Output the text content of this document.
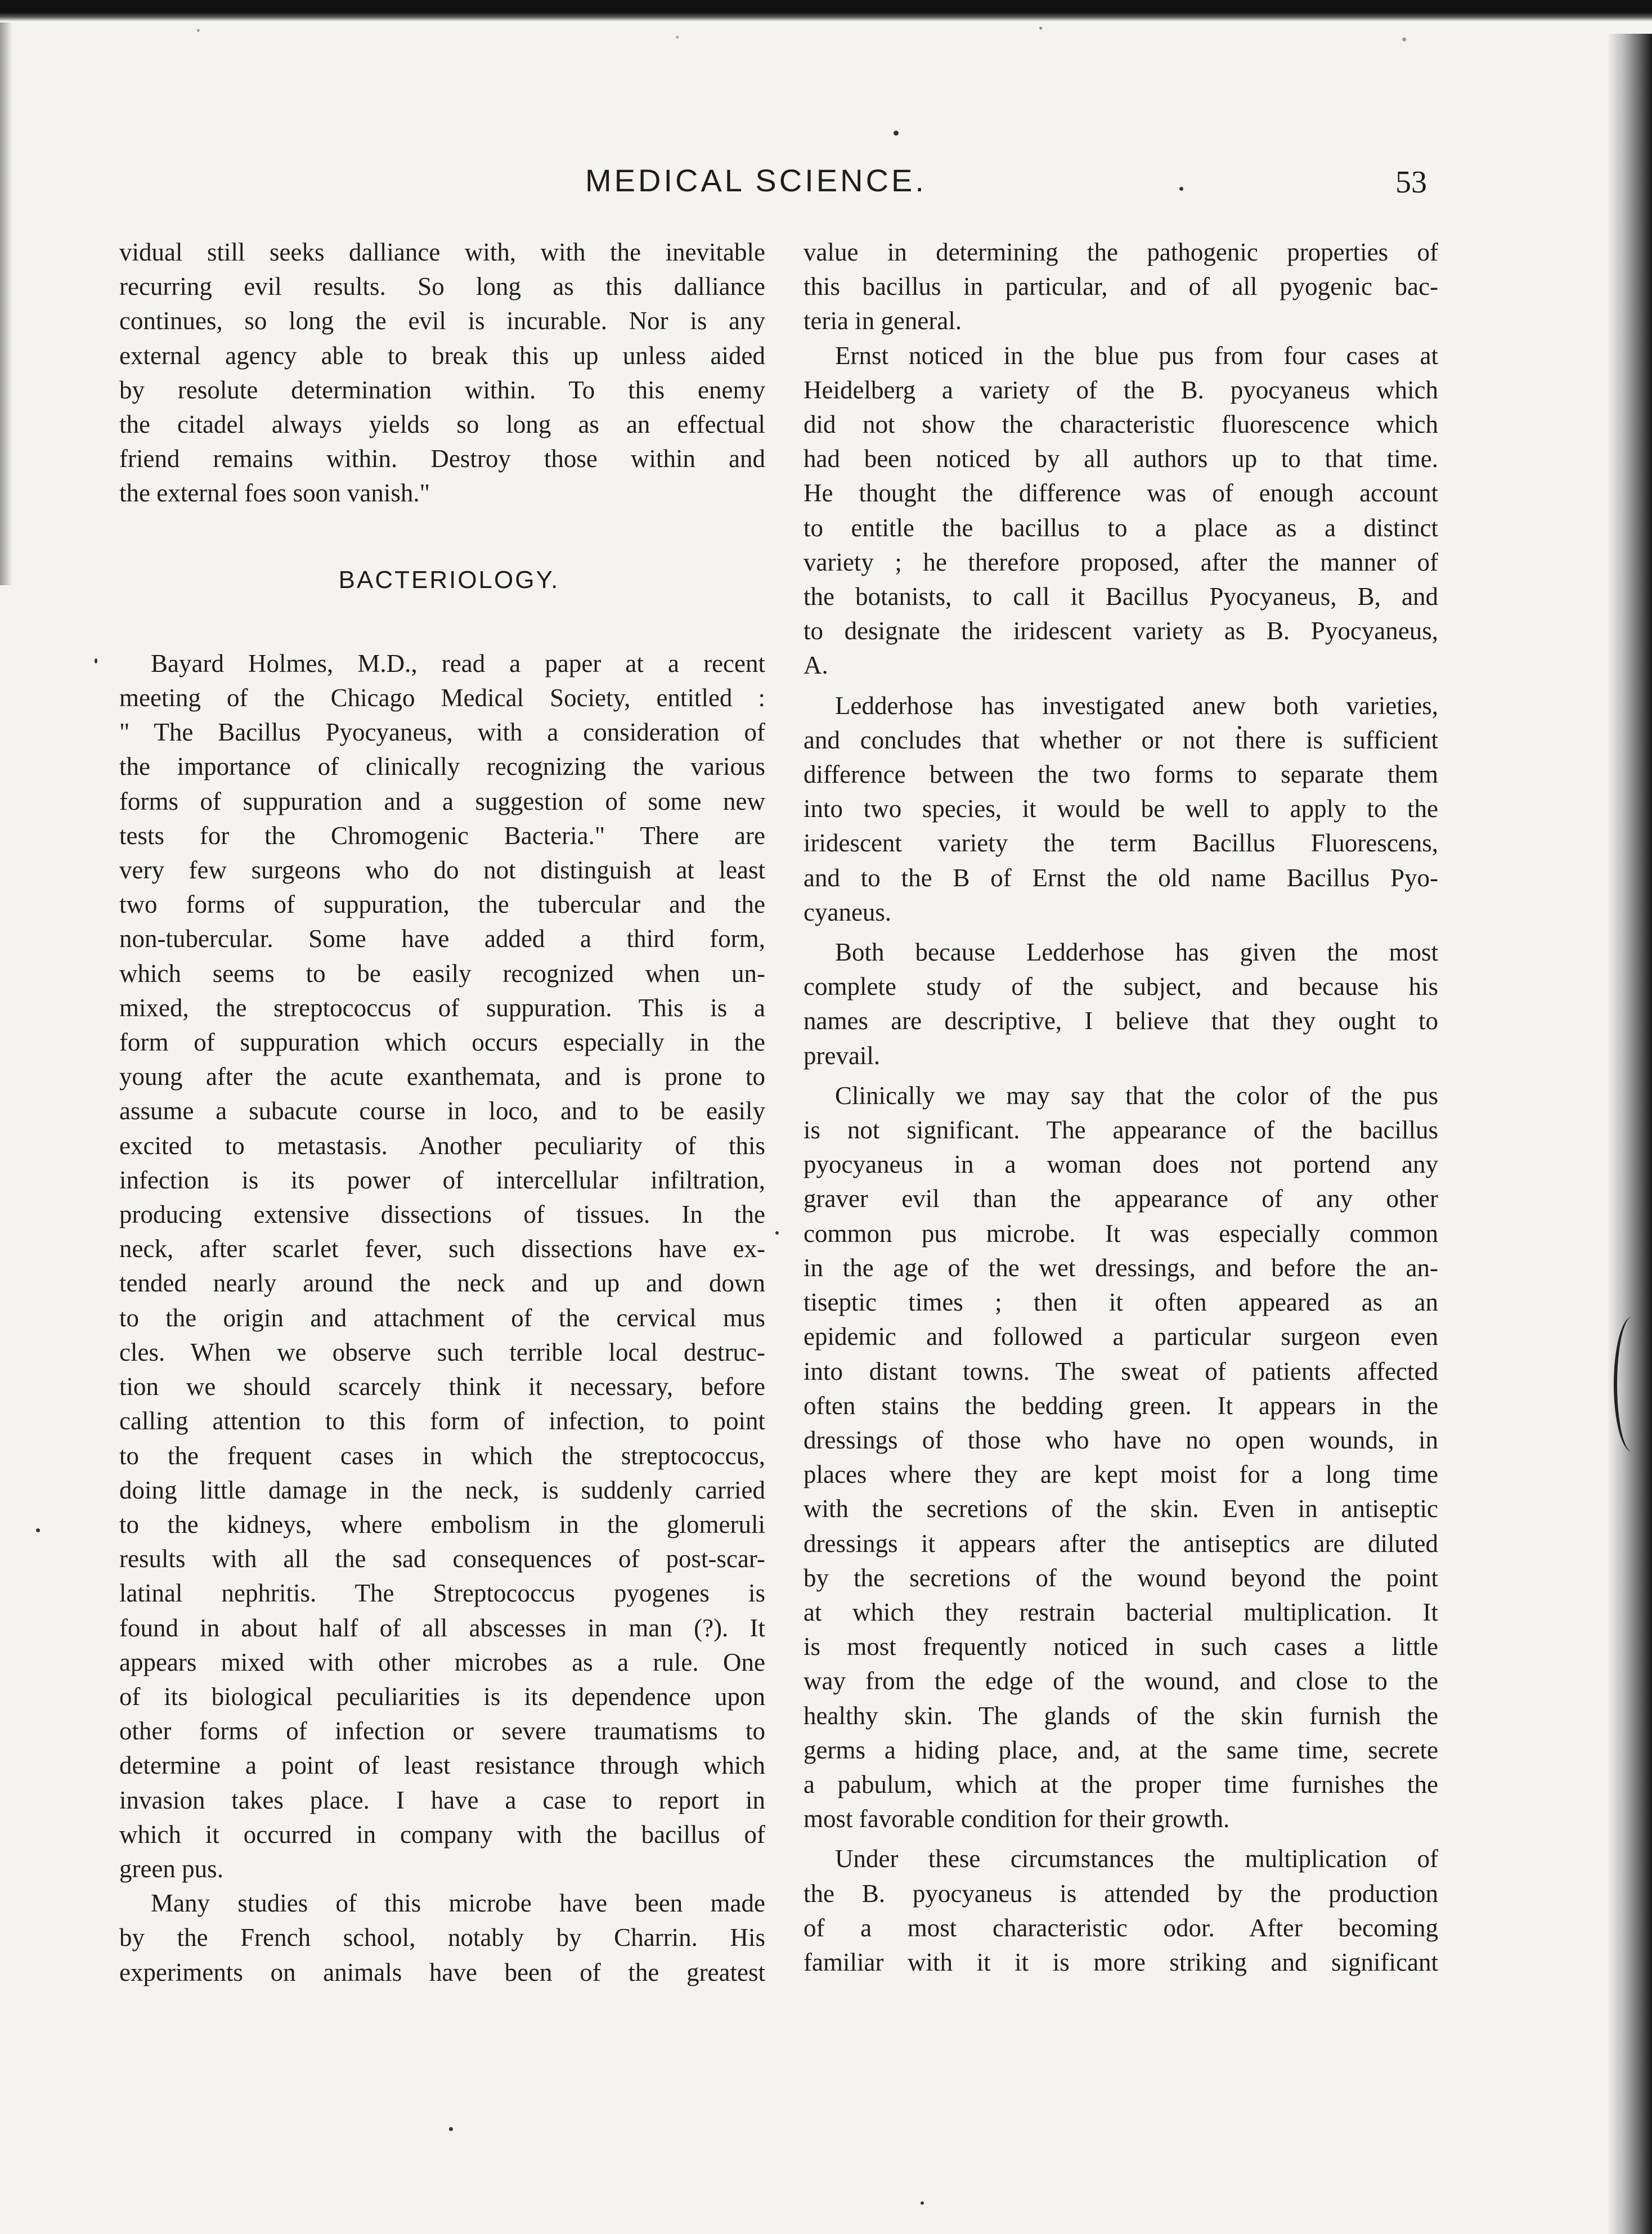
MEDICAL SCIENCE.	53

vidual still seeks dalliance with, with the inevitable
recurring evil results. So long as this dalliance
continues, so long the evil is incurable. Nor is any
external agency able to break this up unless aided
by resolute determination within. To this enemy
the citadel always yields so long as an effectual
friend remains within. Destroy those within and
the external foes soon vanish."

BACTERIOLOGY.

Bayard Holmes, M.D., read a paper at a recent
meeting of the Chicago Medical Society, entitled :
" The Bacillus Pyocyaneus, with a consideration of
the importance of clinically recognizing the various
forms of suppuration and a suggestion of some new
tests for the Chromogenic Bacteria." There are
very few surgeons who do not distinguish at least
two forms of suppuration, the tubercular and the
non-tubercular. Some have added a third form,
which seems to be easily recognized when un-
mixed, the streptococcus of suppuration. This is a
form of suppuration which occurs especially in the
young after the acute exanthemata, and is prone to
assume a subacute course in loco, and to be easily
excited to metastasis. Another peculiarity of this
infection is its power of intercellular infiltration,
producing extensive dissections of tissues. In the
neck, after scarlet fever, such dissections have ex-
tended nearly around the neck and up and down
to the origin and attachment of the cervical mus
cles. When we observe such terrible local destruc-
tion we should scarcely think it necessary, before
calling attention to this form of infection, to point
to the frequent cases in which the streptococcus,
doing little damage in the neck, is suddenly carried
to the kidneys, where embolism in the glomeruli
results with all the sad consequences of post-scar-
latinal nephritis. The Streptococcus pyogenes is
found in about half of all abscesses in man (?). It
appears mixed with other microbes as a rule. One
of its biological peculiarities is its dependence upon
other forms of infection or severe traumatisms to
determine a point of least resistance through which
invasion takes place. I have a case to report in
which it occurred in company with the bacillus of
green pus.

Many studies of this microbe have been made
by the French school, notably by Charrin. His
experiments on animals have been of the greatest

value in determining the pathogenic properties of
this bacillus in particular, and of all pyogenic bac-
teria in general.

Ernst noticed in the blue pus from four cases at
Heidelberg a variety of the B. pyocyaneus which
did not show the characteristic fluorescence which
had been noticed by all authors up to that time.
He thought the difference was of enough account
to entitle the bacillus to a place as a distinct
variety ; he therefore proposed, after the manner of
the botanists, to call it Bacillus Pyocyaneus, B, and
to designate the iridescent variety as B. Pyocyaneus,
A.

Ledderhose has investigated anew both varieties,
and concludes that whether or not there is sufficient
difference between the two forms to separate them
into two species, it would be well to apply to the
iridescent variety the term Bacillus Fluorescens,
and to the B of Ernst the old name Bacillus Pyo-
cyaneus.

Both because Ledderhose has given the most
complete study of the subject, and because his
names are descriptive, I believe that they ought to
prevail.

Clinically we may say that the color of the pus
is not significant. The appearance of the bacillus
pyocyaneus in a woman does not portend any
graver evil than the appearance of any other
common pus microbe. It was especially common
in the age of the wet dressings, and before the an-
tiseptic times ; then it often appeared as an
epidemic and followed a particular surgeon even
into distant towns. The sweat of patients affected
often stains the bedding green. It appears in the
dressings of those who have no open wounds, in
places where they are kept moist for a long time
with the secretions of the skin. Even in antiseptic
dressings it appears after the antiseptics are diluted
by the secretions of the wound beyond the point
at which they restrain bacterial multiplication. It
is most frequently noticed in such cases a little
way from the edge of the wound, and close to the
healthy skin. The glands of the skin furnish the
germs a hiding place, and, at the same time, secrete
a pabulum, which at the proper time furnishes the
most favorable condition for their growth.

Under these circumstances the multiplication of
the B. pyocyaneus is attended by the production
of a most characteristic odor. After becoming
familiar with it it is more striking and significant
